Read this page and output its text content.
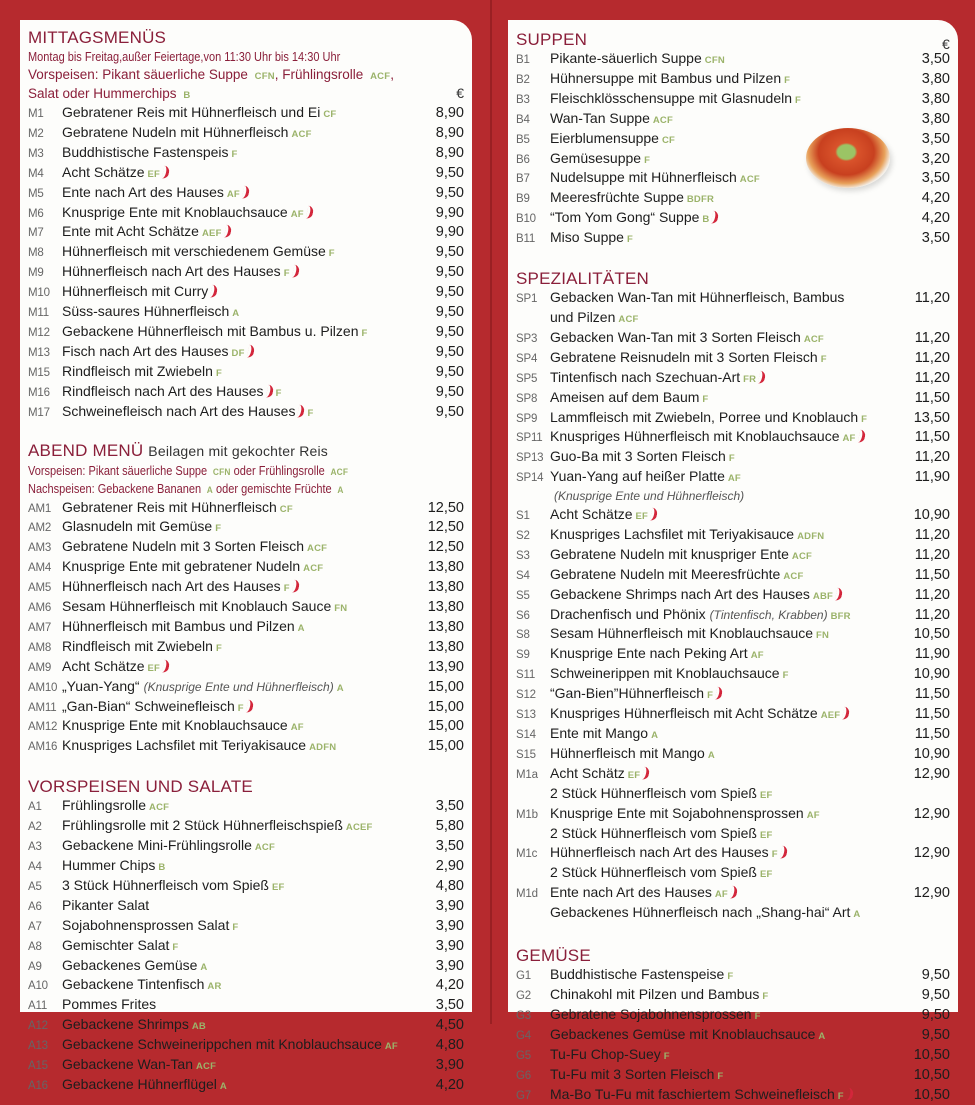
MITTAGSMENÜS
Montag bis Freitag,außer Feiertage,von 11:30 Uhr bis 14:30 Uhr
Vorspeisen: Pikant säuerliche Suppe CFN, Frühlingsrolle ACF,
Salat oder Hummerchips B	€
M1	Gebratener Reis mit Hühnerfleisch und Ei CF	8,90
M2	Gebratene Nudeln mit Hühnerfleisch ACF	8,90
M3	Buddhistische Fastenspeis F	8,90
M4	Acht Schätze EF	9,50
M5	Ente nach Art des Hauses AF	9,50
M6	Knusprige Ente mit Knoblauchsauce AF	9,90
M7	Ente mit Acht Schätze AEF	9,90
M8	Hühnerfleisch mit verschiedenem Gemüse F	9,50
M9	Hühnerfleisch nach Art des Hauses F	9,50
M10 Hühnerfleisch mit Curry	9,50
M11 Süss-saures Hühnerfleisch A	9,50
M12 Gebackene Hühnerfleisch mit Bambus u. Pilzen F	9,50
M13 Fisch nach Art des Hauses DF	9,50
M15 Rindfleisch mit Zwiebeln F	9,50
M16 Rindfleisch nach Art des Hauses F	9,50
M17 Schweinefleisch nach Art des Hauses F	9,50
ABEND MENÜ Beilagen mit gekochter Reis
Vorspeisen: Pikant säuerliche Suppe CFN oder Frühlingsrolle ACF
Nachspeisen: Gebackene Bananen A oder gemischte Früchte A
AM1 Gebratener Reis mit Hühnerfleisch CF	12,50
AM2 Glasnudeln mit Gemüse F	12,50
AM3 Gebratene Nudeln mit 3 Sorten Fleisch ACF	12,50
AM4 Knusprige Ente mit gebratener Nudeln ACF	13,80
AM5 Hühnerfleisch nach Art des Hauses F	13,80
AM6 Sesam Hühnerfleisch mit Knoblauch Sauce FN	13,80
AM7 Hühnerfleisch mit Bambus und Pilzen A	13,80
AM8 Rindfleisch mit Zwiebeln F	13,80
AM9 Acht Schätze EF	13,90
AM10 „Yuan-Yang“ (Knusprige Ente und Hühnerfleisch) A	15,00
AM11 „Gan-Bian“ Schweinefleisch F	15,00
AM12 Knusprige Ente mit Knoblauchsauce AF	15,00
AM16 Knuspriges Lachsfilet mit Teriyakisauce ADFN	15,00
VORSPEISEN UND SALATE
A1	Frühlingsrolle ACF	3,50
A2	Frühlingsrolle mit 2 Stück Hühnerfleischspieß ACEF	5,80
A3	Gebackene Mini-Frühlingsrolle ACF	3,50
A4	Hummer Chips B	2,90
A5	3 Stück Hühnerfleisch vom Spieß EF	4,80
A6	Pikanter Salat	3,90
A7	Sojabohnensprossen Salat F	3,90
A8	Gemischter Salat F	3,90
A9	Gebackenes Gemüse A	3,90
A10	Gebackene Tintenfisch AR	4,20
A11	Pommes Frites	3,50
A12	Gebackene Shrimps AB	4,50
A13	Gebackene Schweinerippchen mit Knoblauchsauce AF	4,80
A15	Gebackene Wan-Tan ACF	3,90
A16	Gebackene Hühnerflügel A	4,20
SUPPEN	€
B1	Pikante-säuerlich Suppe CFN	3,50
B2	Hühnersuppe mit Bambus und Pilzen F	3,80
B3	Fleischklösschensuppe mit Glasnudeln F	3,80
B4	Wan-Tan Suppe ACF	3,80
B5	Eierblumensuppe CF	3,50
B6	Gemüsesuppe F	3,20
B7	Nudelsuppe mit Hühnerfleisch ACF	3,50
B9	Meeresfrüchte Suppe BDFR	4,20
B10	“Tom Yom Gong“ Suppe B	4,20
B11	Miso Suppe F	3,50
SPEZIALITÄTEN
SP1 Gebacken Wan-Tan mit Hühnerfleisch, Bambus	11,20
und Pilzen ACF
SP3 Gebacken Wan-Tan mit 3 Sorten Fleisch ACF	11,20
SP4 Gebratene Reisnudeln mit 3 Sorten Fleisch F	11,20
SP5 Tintenfisch nach Szechuan-Art FR	11,20
SP8 Ameisen auf dem Baum F	11,50
SP9 Lammfleisch mit Zwiebeln, Porree und Knoblauch F	13,50
SP11 Knuspriges Hühnerfleisch mit Knoblauchsauce AF	11,50
SP13 Guo-Ba mit 3 Sorten Fleisch F	11,20
SP14 Yuan-Yang auf heißer Platte AF	11,90
(Knusprige Ente und Hühnerfleisch)
S1	Acht Schätze EF	10,90
S2	Knuspriges Lachsfilet mit Teriyakisauce ADFN	11,20
S3	Gebratene Nudeln mit knuspriger Ente ACF	11,20
S4	Gebratene Nudeln mit Meeresfrüchte ACF	11,50
S5	Gebackene Shrimps nach Art des Hauses ABF	11,20
S6	Drachenfisch und Phönix (Tintenfisch, Krabben) BFR	11,20
S8	Sesam Hühnerfleisch mit Knoblauchsauce FN	10,50
S9	Knusprige Ente nach Peking Art AF	11,90
S11	Schweinerippen mit Knoblauchsauce F	10,90
S12	“Gan-Bien”Hühnerfleisch F	11,50
S13	Knuspriges Hühnerfleisch mit Acht Schätze AEF	11,50
S14	Ente mit Mango A	11,50
S15	Hühnerfleisch mit Mango A	10,90
M1a Acht Schätz EF	12,90
2 Stück Hühnerfleisch vom Spieß EF
M1b Knusprige Ente mit Sojabohnensprossen AF	12,90
2 Stück Hühnerfleisch vom Spieß EF
M1c Hühnerfleisch nach Art des Hauses F	12,90
2 Stück Hühnerfleisch vom Spieß EF
M1d Ente nach Art des Hauses AF	12,90
Gebackenes Hühnerfleisch nach „Shang-hai“ Art A
GEMÜSE
G1	Buddhistische Fastenspeise F	9,50
G2	Chinakohl mit Pilzen und Bambus F	9,50
G3	Gebratene Sojabohnensprossen F	9,50
G4	Gebackenes Gemüse mit Knoblauchsauce A	9,50
G5	Tu-Fu Chop-Suey F	10,50
G6	Tu-Fu mit 3 Sorten Fleisch F	10,50
G7	Ma-Bo Tu-Fu mit faschiertem Schweinefleisch F	10,50
